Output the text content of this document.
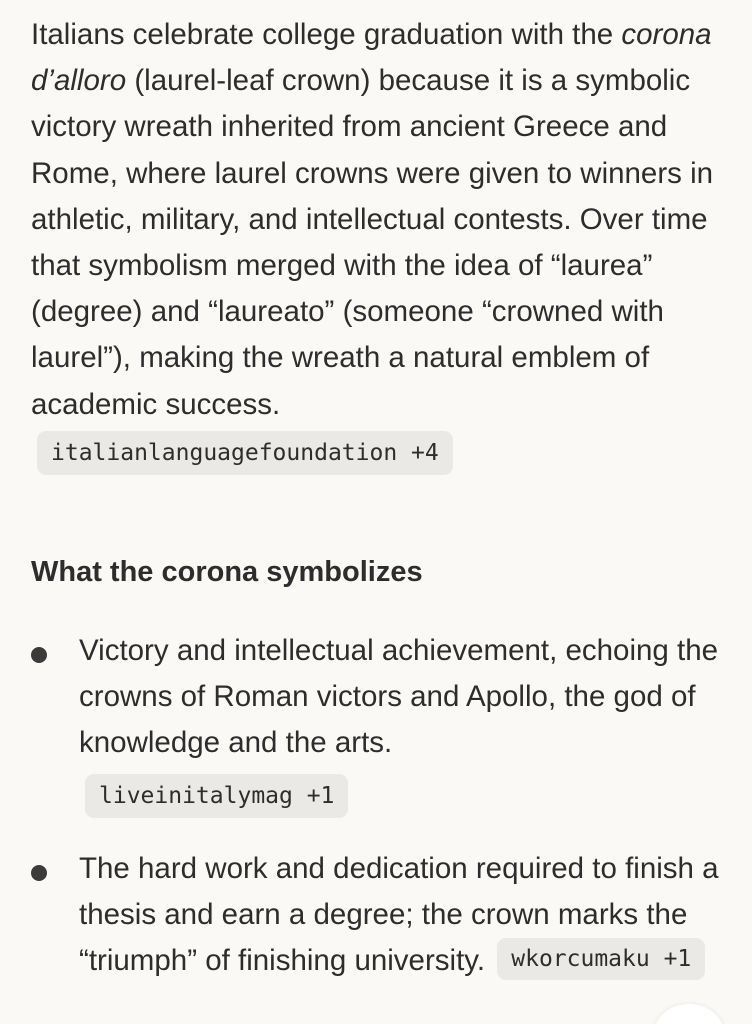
Italians celebrate college graduation with the corona d’alloro (laurel-leaf crown) because it is a symbolic victory wreath inherited from ancient Greece and Rome, where laurel crowns were given to winners in athletic, military, and intellectual contests. Over time that symbolism merged with the idea of “laurea” (degree) and “laureato” (someone “crowned with laurel”), making the wreath a natural emblem of academic success.

italianlanguagefoundation +4
What the corona symbolizes
Victory and intellectual achievement, echoing the crowns of Roman victors and Apollo, the god of knowledge and the arts.
liveinitalymag +1
The hard work and dedication required to finish a thesis and earn a degree; the crown marks the “triumph” of finishing university. wkorcumaku +1
